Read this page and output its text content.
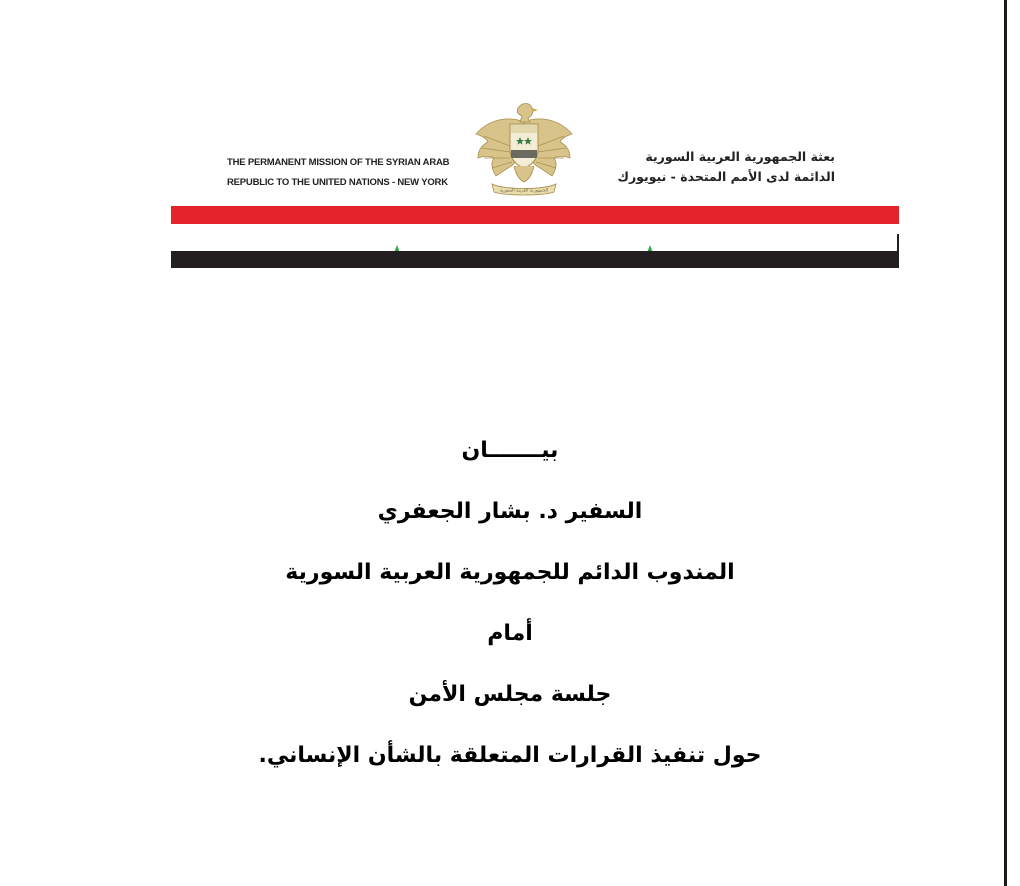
THE PERMANENT MISSION OF THE SYRIAN ARAB
REPUBLIC TO THE UNITED NATIONS - NEW YORK
الجمهورية العربية السورية
بعثة الجمهورية العربية السورية
الدائمة لدى الأمم المتحدة - نيويورك
بيـــــــان
السفير د. بشار الجعفري
المندوب الدائم للجمهورية العربية السورية
أمام
جلسة مجلس الأمن
حول تنفيذ القرارات المتعلقة بالشأن الإنساني.
